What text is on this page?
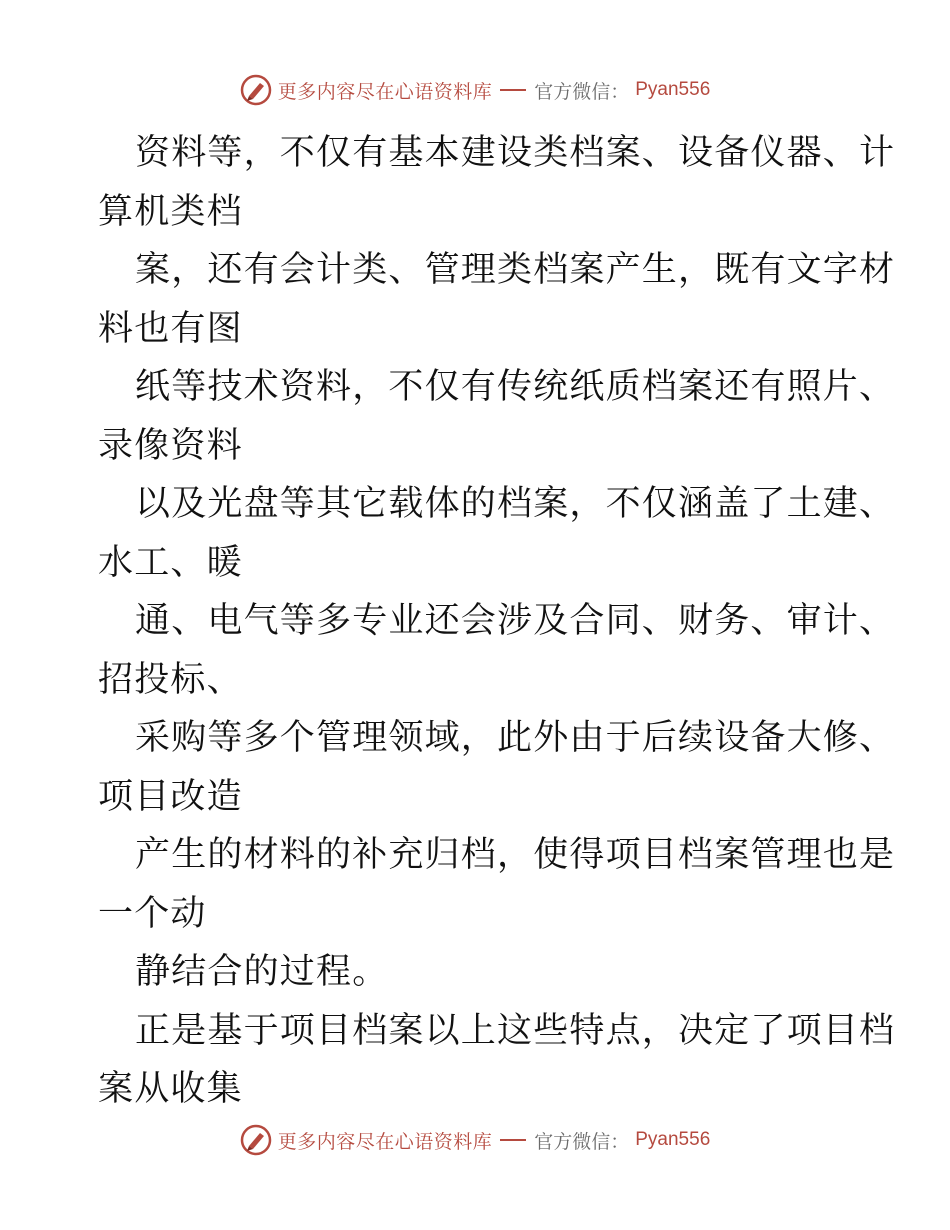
更多内容尽在心语资料库 官方微信： Pyan556
资料等，不仅有基本建设类档案、设备仪器、计
算机类档
案，还有会计类、管理类档案产生，既有文字材
料也有图
纸等技术资料，不仅有传统纸质档案还有照片、
录像资料
以及光盘等其它载体的档案，不仅涵盖了土建、
水工、暖
通、电气等多专业还会涉及合同、财务、审计、
招投标、
采购等多个管理领域，此外由于后续设备大修、
项目改造
产生的材料的补充归档，使得项目档案管理也是
一个动
静结合的过程。
正是基于项目档案以上这些特点，决定了项目档
案从收集
更多内容尽在心语资料库 官方微信： Pyan556
